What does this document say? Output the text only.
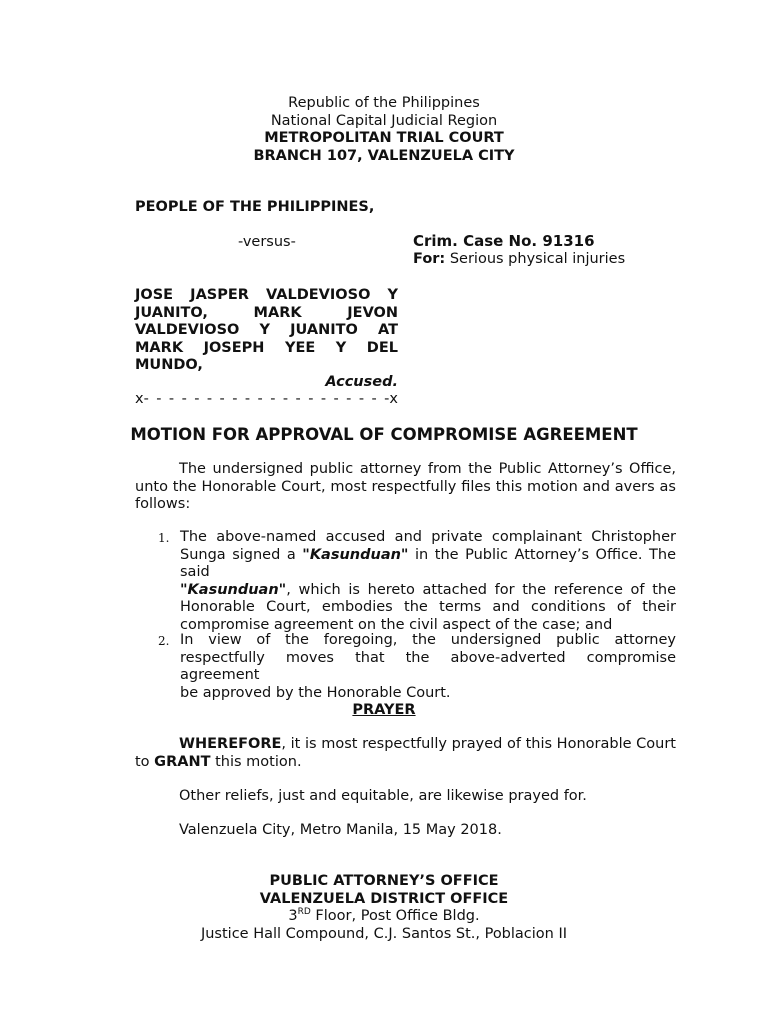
Republic of the Philippines
National Capital Judicial Region
METROPOLITAN TRIAL COURT
BRANCH 107, VALENZUELA CITY
PEOPLE OF THE PHILIPPINES,
-versus-	Crim. Case No. 91316
For: Serious physical injuries
JOSE JASPER VALDEVIOSO Y
JUANITO, MARK JEVON
VALDEVIOSO Y JUANITO AT
MARK JOSEPH YEE Y DEL
MUNDO,
Accused.
x- - - - - - - - - - - - - - - - - - - -x
MOTION FOR APPROVAL OF COMPROMISE AGREEMENT
The undersigned public attorney from the Public Attorney’s Office,
unto the Honorable Court, most respectfully files this motion and avers as
follows:
1. The above-named accused and private complainant Christopher
Sunga signed a "Kasunduan" in the Public Attorney’s Office. The said
"Kasunduan", which is hereto attached for the reference of the
Honorable Court, embodies the terms and conditions of their
compromise agreement on the civil aspect of the case; and
2. In view of the foregoing, the undersigned public attorney
respectfully moves that the above-adverted compromise agreement
be approved by the Honorable Court.
PRAYER
WHEREFORE, it is most respectfully prayed of this Honorable Court
to GRANT this motion.
Other reliefs, just and equitable, are likewise prayed for.
Valenzuela City, Metro Manila, 15 May 2018.
PUBLIC ATTORNEY’S OFFICE
VALENZUELA DISTRICT OFFICE
3RD Floor, Post Office Bldg.
Justice Hall Compound, C.J. Santos St., Poblacion II
